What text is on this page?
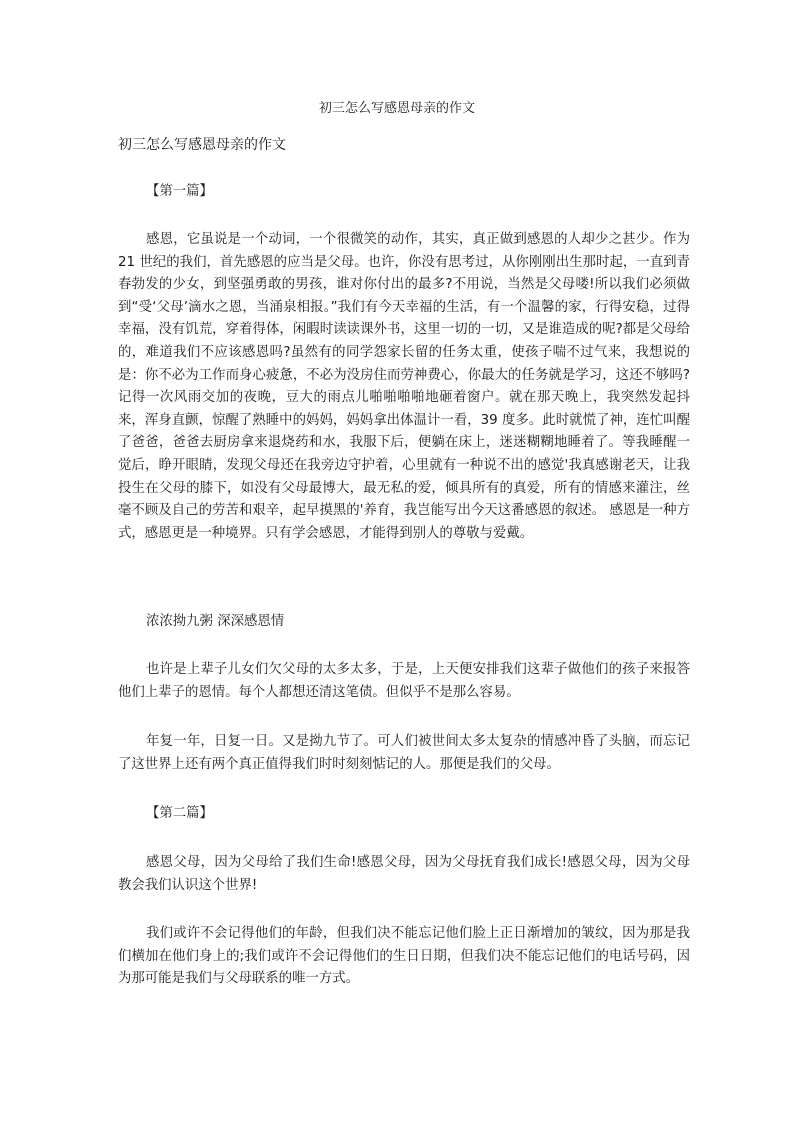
初三怎么写感恩母亲的作文

初三怎么写感恩母亲的作文

【第一篇】

感恩，它虽说是一个动词，一个很微笑的动作，其实，真正做到感恩的人却少之甚少。作为 21 世纪的我们，首先感恩的应当是父母。也许，你没有思考过，从你刚刚出生那时起，一直到青春勃发的少女，到坚强勇敢的男孩，谁对你付出的最多?不用说，当然是父母喽!所以我们必须做到“受‘父母’滴水之恩，当涌泉相报。”我们有今天幸福的生活，有一个温馨的家，行得安稳，过得幸福，没有饥荒，穿着得体，闲暇时读读课外书，这里一切的一切，又是谁造成的呢?都是父母给的，难道我们不应该感恩吗?虽然有的同学怨家长留的任务太重，使孩子喘不过气来，我想说的是：你不必为工作而身心疲惫，不必为没房住而劳神费心，你最大的任务就是学习，这还不够吗? 记得一次风雨交加的夜晚，豆大的雨点儿啪啪啪啪地砸着窗户。就在那天晚上，我突然发起抖来，浑身直颤，惊醒了熟睡中的妈妈，妈妈拿出体温计一看，39 度多。此时就慌了神，连忙叫醒了爸爸，爸爸去厨房拿来退烧药和水，我服下后，便躺在床上，迷迷糊糊地睡着了。等我睡醒一觉后，睁开眼睛，发现父母还在我旁边守护着，心里就有一种说不出的感觉'我真感谢老天，让我投生在父母的膝下，如没有父母最博大，最无私的爱，倾具所有的真爱，所有的情感来灌注，丝毫不顾及自己的劳苦和艰辛，起早摸黑的'养育，我岂能写出今天这番感恩的叙述。 感恩是一种方式，感恩更是一种境界。只有学会感恩，才能得到别人的尊敬与爱戴。

浓浓拗九粥 深深感恩情

也许是上辈子儿女们欠父母的太多太多，于是，上天便安排我们这辈子做他们的孩子来报答他们上辈子的恩情。每个人都想还清这笔债。但似乎不是那么容易。

年复一年，日复一日。又是拗九节了。可人们被世间太多太复杂的情感冲昏了头脑，而忘记了这世界上还有两个真正值得我们时时刻刻惦记的人。那便是我们的父母。

【第二篇】

感恩父母，因为父母给了我们生命!感恩父母，因为父母抚育我们成长!感恩父母，因为父母教会我们认识这个世界!

我们或许不会记得他们的年龄，但我们决不能忘记他们脸上正日渐增加的皱纹，因为那是我们横加在他们身上的;我们或许不会记得他们的生日日期，但我们决不能忘记他们的电话号码，因为那可能是我们与父母联系的唯一方式。
